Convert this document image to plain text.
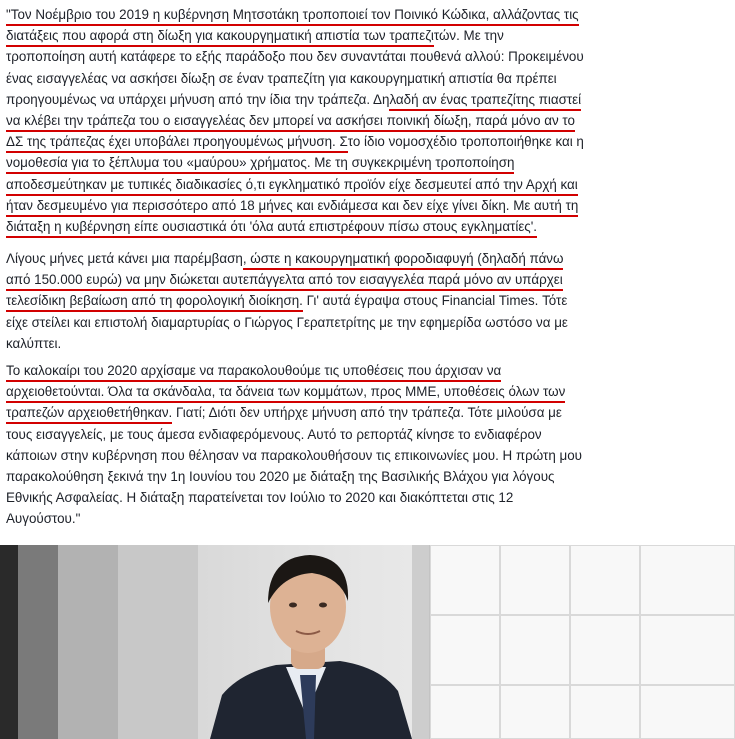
"Τον Νοέμβριο του 2019 η κυβέρνηση Μητσοτάκη τροποποιεί τον Ποινικό Κώδικα, αλλάζοντας τις
διατάξεις που αφορά στη δίωξη για κακουργηματική απιστία των τραπεζιτών. Με την
τροποποίηση αυτή κατάφερε το εξής παράδοξο που δεν συναντάται πουθενά αλλού: Προκειμένου
ένας εισαγγελέας να ασκήσει δίωξη σε έναν τραπεζίτη για κακουργηματική απιστία θα πρέπει
προηγουμένως να υπάρχει μήνυση από την ίδια την τράπεζα. Δηλαδή αν ένας τραπεζίτης πιαστεί
να κλέβει την τράπεζα του ο εισαγγελέας δεν μπορεί να ασκήσει ποινική δίωξη, παρά μόνο αν το
ΔΣ της τράπεζας έχει υποβάλει προηγουμένως μήνυση. Στο ίδιο νομοσχέδιο τροποποιήθηκε και η
νομοθεσία για το ξέπλυμα του «μαύρου» χρήματος. Με τη συγκεκριμένη τροποποίηση
αποδεσμεύτηκαν με τυπικές διαδικασίες ό,τι εγκληματικό προϊόν είχε δεσμευτεί από την Αρχή και
ήταν δεσμευμένο για περισσότερο από 18 μήνες και ενδιάμεσα και δεν είχε γίνει δίκη. Με αυτή τη
διάταξη η κυβέρνηση είπε ουσιαστικά ότι 'όλα αυτά επιστρέφουν πίσω στους εγκληματίες'.

Λίγους μήνες μετά κάνει μια παρέμβαση, ώστε η κακουργηματική φοροδιαφυγή (δηλαδή πάνω
από 150.000 ευρώ) να μην διώκεται αυτεπάγγελτα από τον εισαγγελέα παρά μόνο αν υπάρχει
τελεσίδικη βεβαίωση από τη φορολογική διοίκηση. Γι' αυτά έγραψα στους Financial Times. Τότε
είχε στείλει και επιστολή διαμαρτυρίας ο Γιώργος Γεραπετρίτης με την εφημερίδα ωστόσο να με
καλύπτει.

Το καλοκαίρι του 2020 αρχίσαμε να παρακολουθούμε τις υποθέσεις που άρχισαν να
αρχειοθετούνται. Όλα τα σκάνδαλα, τα δάνεια των κομμάτων, προς ΜΜΕ, υποθέσεις όλων των
τραπεζών αρχειοθετήθηκαν. Γιατί; Διότι δεν υπήρχε μήνυση από την τράπεζα. Τότε μιλούσα με
τους εισαγγελείς, με τους άμεσα ενδιαφερόμενους. Αυτό το ρεπορτάζ κίνησε το ενδιαφέρον
κάποιων στην κυβέρνηση που θέλησαν να παρακολουθήσουν τις επικοινωνίες μου. Η πρώτη μου
παρακολούθηση ξεκινά την 1η Ιουνίου του 2020 με διάταξη της Βασιλικής Βλάχου για λόγους
Εθνικής Ασφαλείας. Η διάταξη παρατείνεται τον Ιούλιο το 2020 και διακόπτεται στις 12
Αυγούστου."
